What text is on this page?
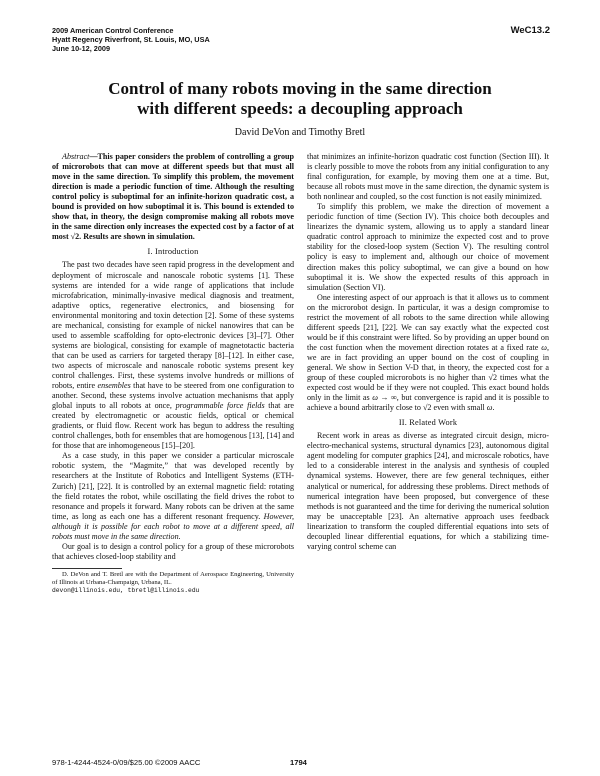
2009 American Control Conference
Hyatt Regency Riverfront, St. Louis, MO, USA
June 10-12, 2009
WeC13.2
Control of many robots moving in the same direction
with different speeds: a decoupling approach
David DeVon and Timothy Bretl

Abstract—This paper considers the problem of controlling a group of microrobots that can move at different speeds but that must all move in the same direction. To simplify this problem, the movement direction is made a periodic function of time. Although the resulting control policy is suboptimal for an infinite-horizon quadratic cost, a bound is provided on how suboptimal it is. This bound is extended to show that, in theory, the design compromise making all robots move in the same direction only increases the expected cost by a factor of at most √2. Results are shown in simulation.

I. Introduction

The past two decades have seen rapid progress in the development and deployment of microscale and nanoscale robotic systems [1]. These systems are intended for a wide range of applications that include microfabrication, minimally-invasive medical diagnosis and treatment, adaptive optics, regenerative electronics, and biosensing for environmental monitoring and toxin detection [2]. Some of these systems are mechanical, consisting for example of nickel nanowires that can be used to assemble scaffolding for opto-electronic devices [3]–[7]. Other systems are biological, consisting for example of magnetotactic bacteria that can be used as carriers for targeted therapy [8]–[12]. In either case, two aspects of microscale and nanoscale robotic systems present key control challenges. First, these systems involve hundreds or millions of robots, entire ensembles that have to be steered from one configuration to another. Second, these systems involve actuation mechanisms that apply global inputs to all robots at once, programmable force fields that are created by electromagnetic or acoustic fields, optical or chemical gradients, or fluid flow. Recent work has begun to address the resulting control challenges, both for ensembles that are homogenous [13], [14] and for those that are inhomogeneous [15]–[20].

As a case study, in this paper we consider a particular microscale robotic system, the “Magmite,” that was developed recently by researchers at the Institute of Robotics and Intelligent Systems (ETH-Zurich) [21], [22]. It is controlled by an external magnetic field: rotating the field rotates the robot, while oscillating the field drives the robot to resonance and propels it forward. Many robots can be driven at the same time, as long as each one has a different resonant frequency. However, although it is possible for each robot to move at a different speed, all robots must move in the same direction.

Our goal is to design a control policy for a group of these microrobots that achieves closed-loop stability and

D. DeVon and T. Bretl are with the Department of Aerospace Engineering, University of Illinois at Urbana-Champaign, Urbana, IL.
devon@illinois.edu, tbretl@illinois.edu

that minimizes an infinite-horizon quadratic cost function (Section III). It is clearly possible to move the robots from any initial configuration to any final configuration, for example, by moving them one at a time. But, because all robots must move in the same direction, the dynamic system is both nonlinear and coupled, so the cost function is not easily minimized.

To simplify this problem, we make the direction of movement a periodic function of time (Section IV). This choice both decouples and linearizes the dynamic system, allowing us to apply a standard linear quadratic control approach to minimize the expected cost and to prove stability for the closed-loop system (Section V). The resulting control policy is easy to implement and, although our choice of movement direction makes this policy suboptimal, we can give a bound on how suboptimal it is. We show the expected results of this approach in simulation (Section VI).

One interesting aspect of our approach is that it allows us to comment on the microrobot design. In particular, it was a design compromise to restrict the movement of all robots to the same direction while allowing different speeds [21], [22]. We can say exactly what the expected cost would be if this constraint were lifted. So by providing an upper bound on the cost function when the movement direction rotates at a fixed rate ω, we are in fact providing an upper bound on the cost of coupling in general. We show in Section V-D that, in theory, the expected cost for a group of these coupled microrobots is no higher than √2 times what the expected cost would be if they were not coupled. This exact bound holds only in the limit as ω → ∞, but convergence is rapid and it is possible to achieve a bound arbitrarily close to √2 even with small ω.

II. Related Work

Recent work in areas as diverse as integrated circuit design, micro-electro-mechanical systems, structural dynamics [23], autonomous digital agent modeling for computer graphics [24], and microscale robotics, have led to a considerable interest in the analysis and synthesis of coupled dynamical systems. However, there are few general techniques, either analytical or numerical, for addressing these problems. Direct methods of numerical integration have been proposed, but convergence of these methods is not guaranteed and the time for deriving the numerical solution may be unacceptable [23]. An alternative approach uses feedback linearization to transform the coupled differential equations into sets of decoupled linear differential equations, for which a stabilizing time-varying control scheme can

978-1-4244-4524-0/09/$25.00 ©2009 AACC	1794
